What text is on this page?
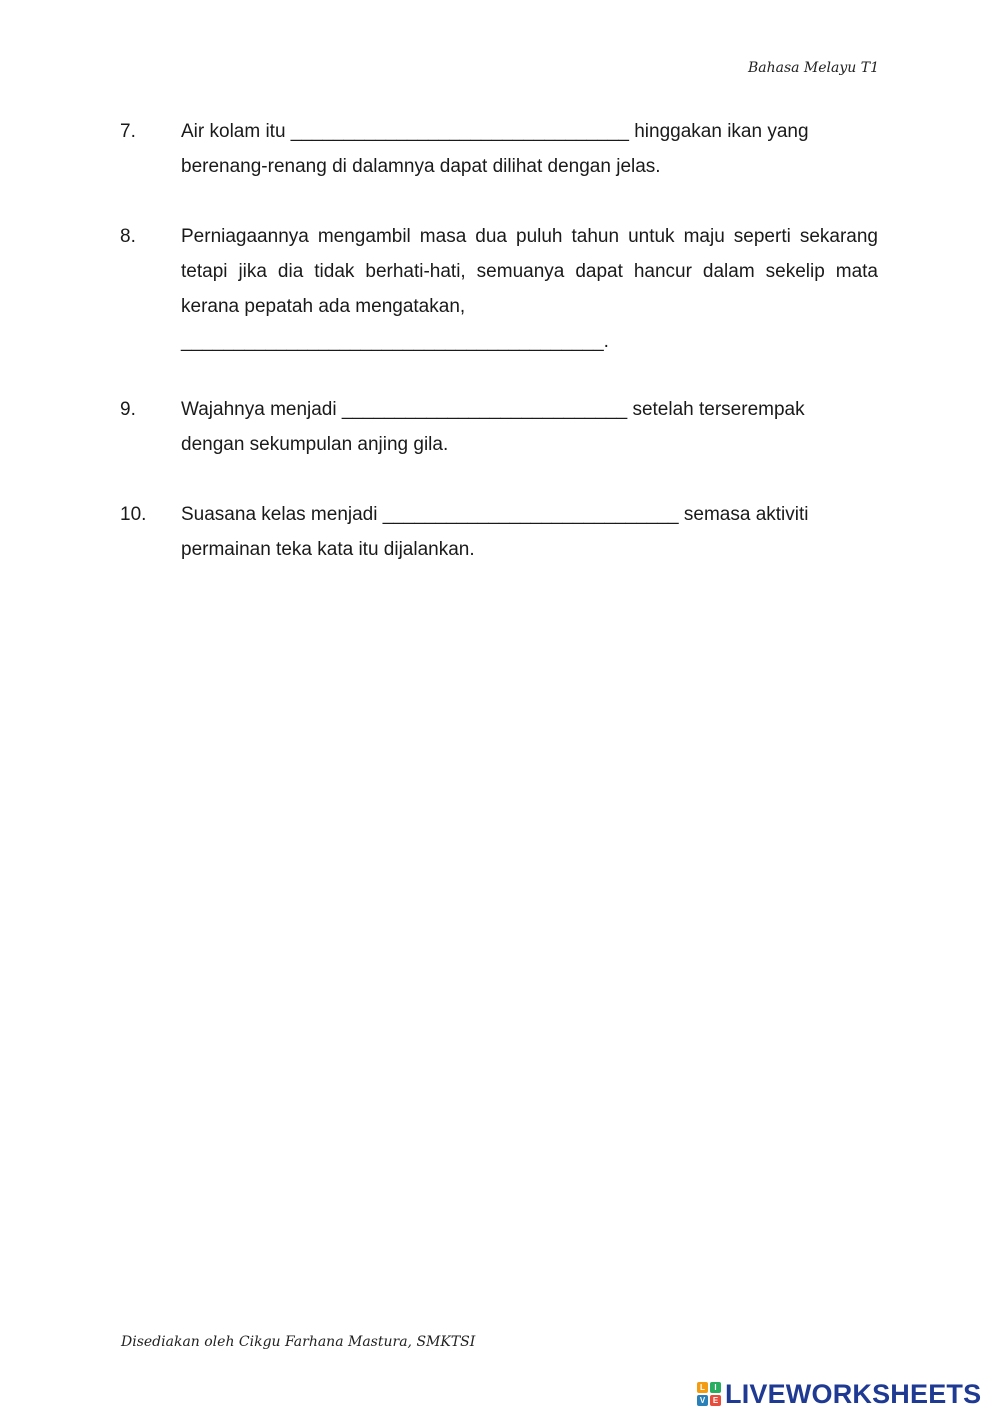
Bahasa Melayu T1
7.	Air kolam itu ________________________________ hinggakan ikan yang
berenang-renang di dalamnya dapat dilihat dengan jelas.
8.	Perniagaannya mengambil masa dua puluh tahun untuk maju seperti sekarang tetapi jika dia tidak berhati-hati, semuanya dapat hancur dalam sekelip mata kerana pepatah ada mengatakan,
________________________________________.
9.	Wajahnya menjadi ___________________________ setelah terserempak
dengan sekumpulan anjing gila.
10.	Suasana kelas menjadi ____________________________ semasa aktiviti
permainan teka kata itu dijalankan.
Disediakan oleh Cikgu Farhana Mastura, SMKTSI
L	I
V E LIVEWORKSHEETS
